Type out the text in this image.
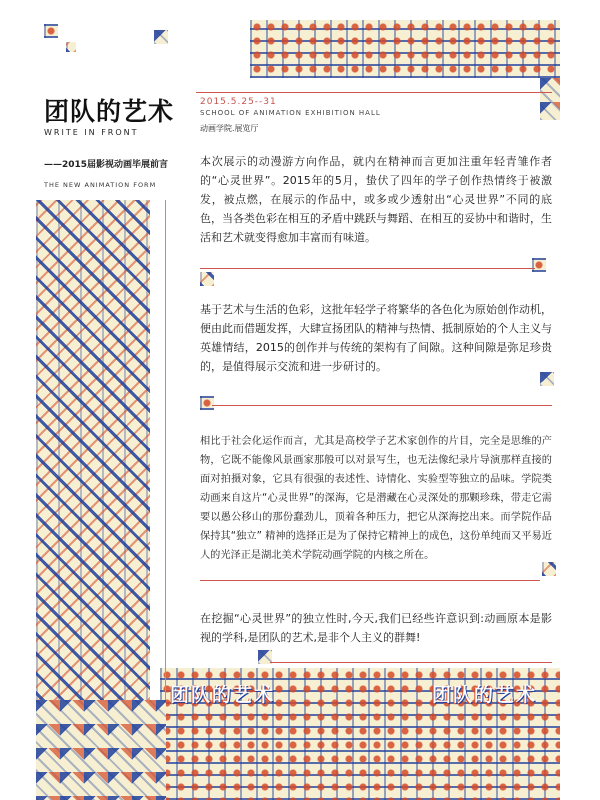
团队的艺术
WRITE IN FRONT
——2015届影视动画毕展前言
THE NEW ANIMATION FORM
2015.5.25--31
SCHOOL OF ANIMATION EXHIBITION HALL
动画学院.展览厅

本次展示的动漫游方向作品，就内在精神而言更加注重年轻青雏作者的“心灵世界”。2015年的5月，蛰伏了四年的学子创作热情终于被激发，被点燃，在展示的作品中，或多或少透射出“心灵世界”不同的底色，当各类色彩在相互的矛盾中跳跃与舞蹈、在相互的妥协中和谐时，生活和艺术就变得愈加丰富而有味道。

基于艺术与生活的色彩，这批年轻学子将繁华的各色化为原始创作动机，便由此而借题发挥，大肆宣扬团队的精神与热情、抵制原始的个人主义与英雄情结，2015的创作并与传统的架构有了间隙。这种间隙是弥足珍贵的，是值得展示交流和进一步研讨的。

相比于社会化运作而言，尤其是高校学子艺术家创作的片目，完全是思维的产物，它既不能像风景画家那般可以对景写生，也无法像纪录片导演那样直接的面对拍摄对象，它具有很强的表述性、诗情化、实验型等独立的品味。学院类动画来自这片“心灵世界”的深海，它是潜藏在心灵深处的那颗珍珠，带走它需要以愚公移山的那份蠢劲儿，顶着各种压力，把它从深海挖出来。而学院作品保持其“独立” 精神的选择正是为了保持它精神上的成色，这份单纯而又平易近人的光泽正是湖北美术学院动画学院的内核之所在。

在挖掘“心灵世界”的独立性时,今天,我们已经些许意识到:动画原本是影视的学科,是团队的艺术,是非个人主义的群舞!

团队的艺术	团队的艺术
